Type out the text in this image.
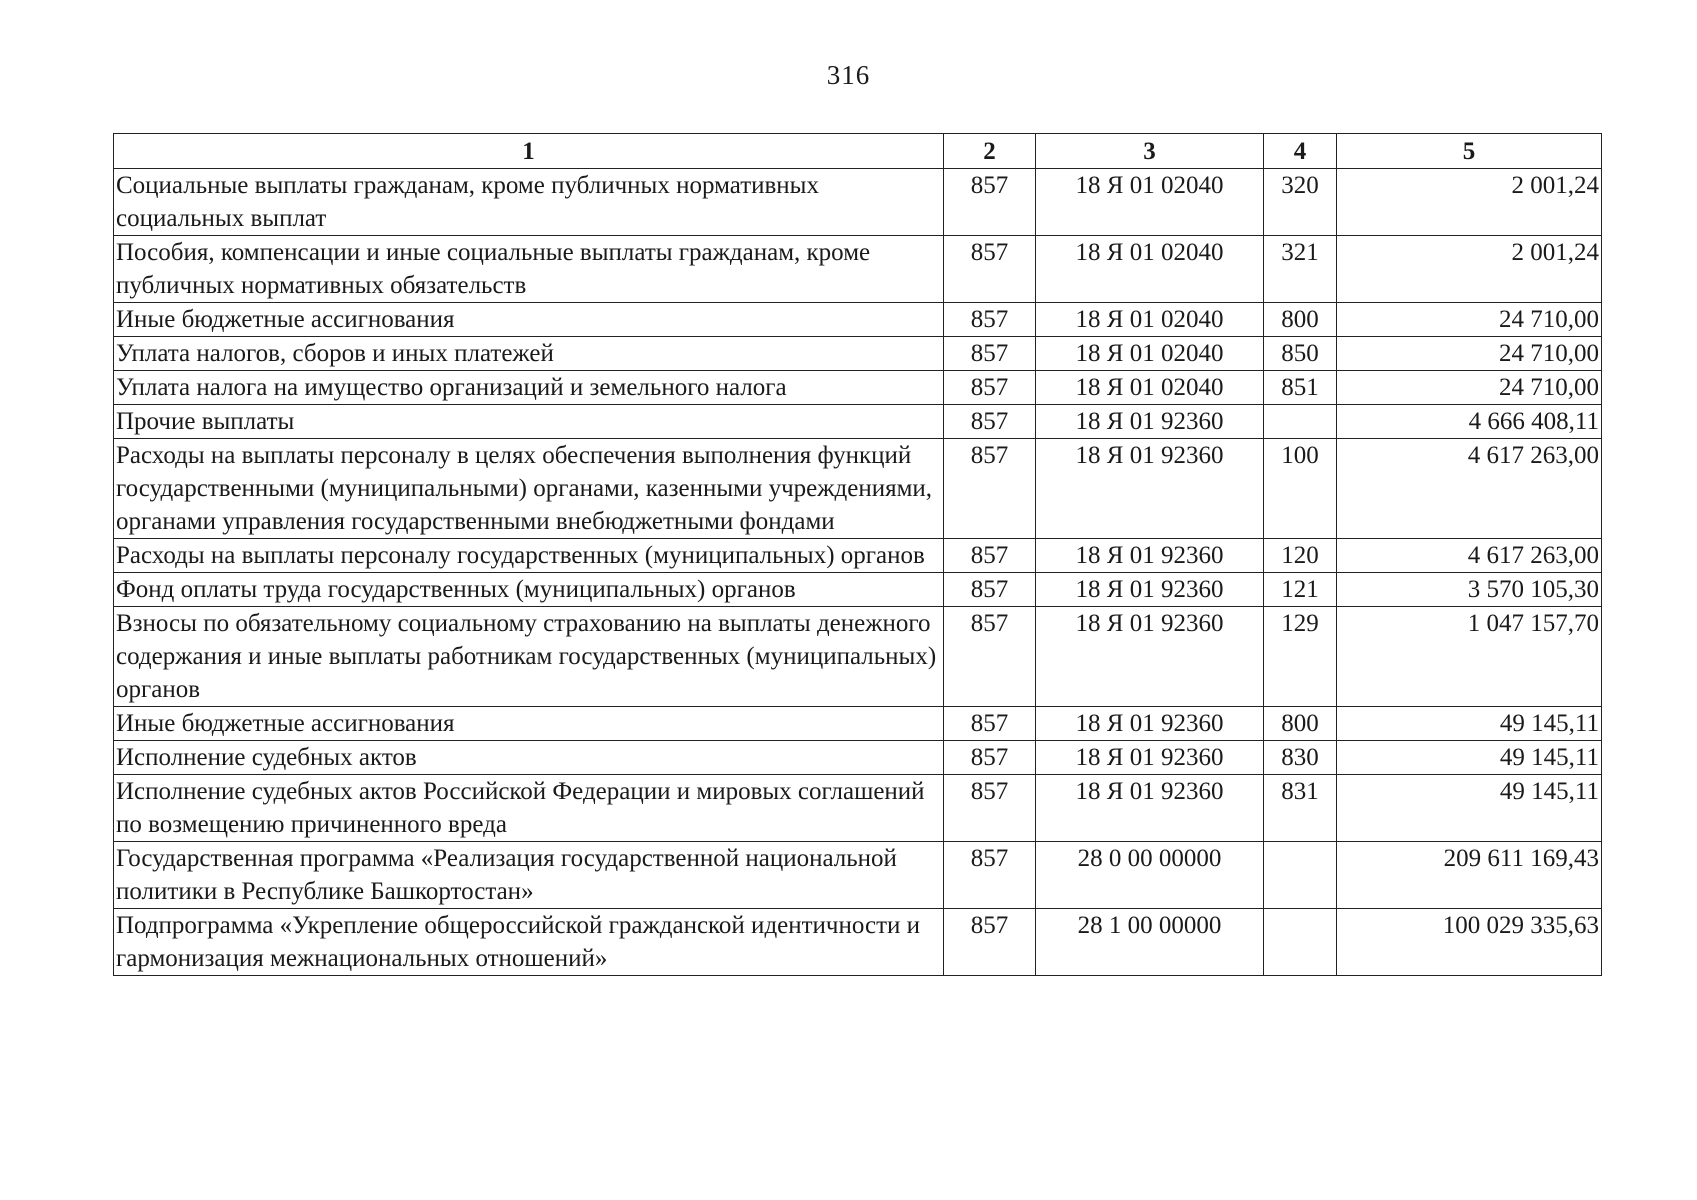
316
1	2	3	4	5
Социальные выплаты гражданам, кроме публичных нормативных социальных выплат	857	18 Я 01 02040	320	2 001,24
Пособия, компенсации и иные социальные выплаты гражданам, кроме публичных нормативных обязательств	857	18 Я 01 02040	321	2 001,24
Иные бюджетные ассигнования	857	18 Я 01 02040	800	24 710,00
Уплата налогов, сборов и иных платежей	857	18 Я 01 02040	850	24 710,00
Уплата налога на имущество организаций и земельного налога	857	18 Я 01 02040	851	24 710,00
Прочие выплаты	857	18 Я 01 92360		4 666 408,11
Расходы на выплаты персоналу в целях обеспечения выполнения функций государственными (муниципальными) органами, казенными учреждениями, органами управления государственными внебюджетными фондами	857	18 Я 01 92360	100	4 617 263,00
Расходы на выплаты персоналу государственных (муниципальных) органов	857	18 Я 01 92360	120	4 617 263,00
Фонд оплаты труда государственных (муниципальных) органов	857	18 Я 01 92360	121	3 570 105,30
Взносы по обязательному социальному страхованию на выплаты денежного содержания и иные выплаты работникам государственных (муниципальных) органов	857	18 Я 01 92360	129	1 047 157,70
Иные бюджетные ассигнования	857	18 Я 01 92360	800	49 145,11
Исполнение судебных актов	857	18 Я 01 92360	830	49 145,11
Исполнение судебных актов Российской Федерации и мировых соглашений по возмещению причиненного вреда	857	18 Я 01 92360	831	49 145,11
Государственная программа «Реализация государственной национальной политики в Республике Башкортостан»	857	28 0 00 00000		209 611 169,43
Подпрограмма «Укрепление общероссийской гражданской идентичности и гармонизация межнациональных отношений»	857	28 1 00 00000		100 029 335,63
